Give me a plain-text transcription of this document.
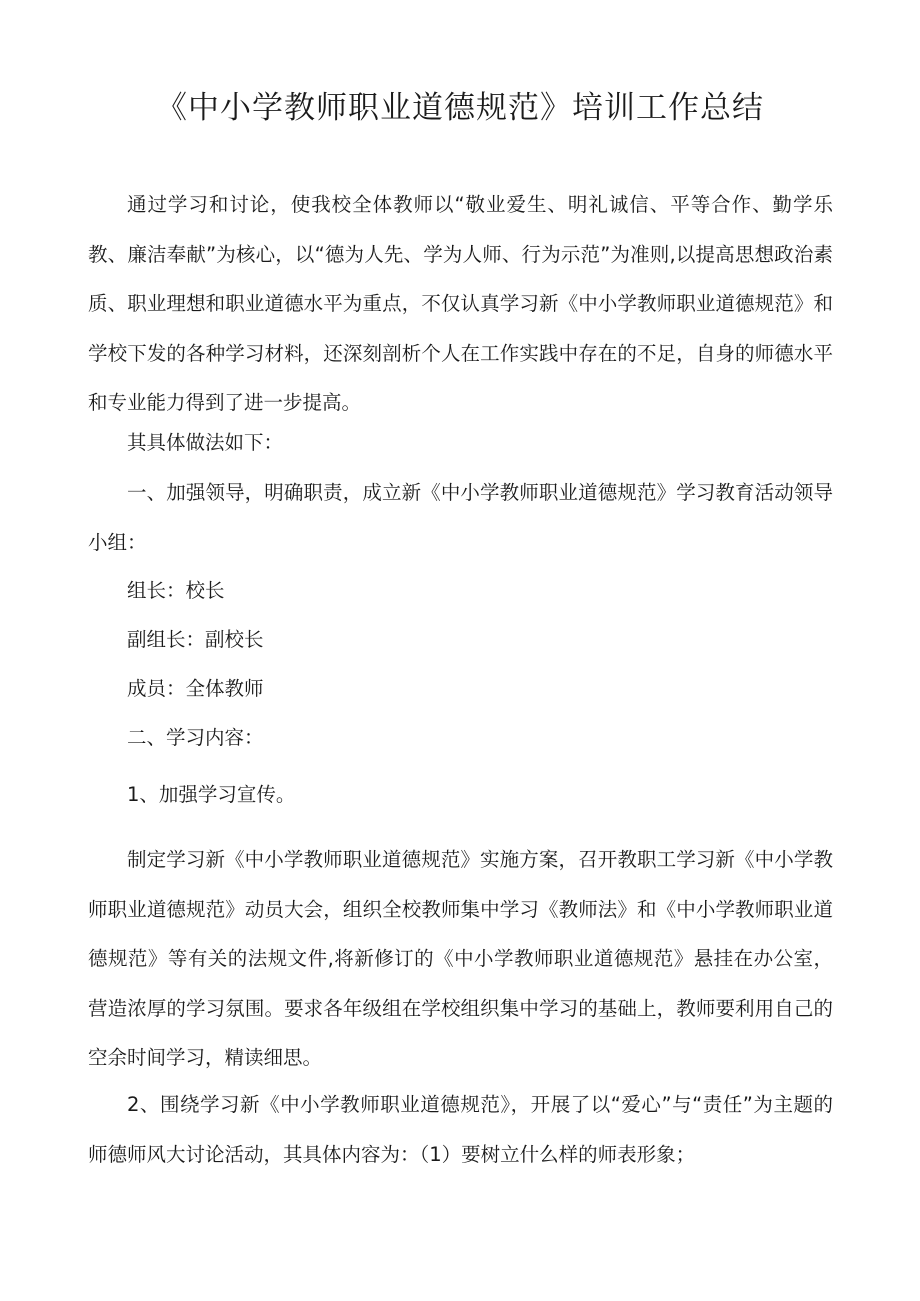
《中小学教师职业道德规范》培训工作总结

通过学习和讨论，使我校全体教师以“敬业爱生、明礼诚信、平等合作、勤学乐教、廉洁奉献”为核心，以“德为人先、学为人师、行为示范”为准则,以提高思想政治素质、职业理想和职业道德水平为重点，不仅认真学习新《中小学教师职业道德规范》和学校下发的各种学习材料，还深刻剖析个人在工作实践中存在的不足，自身的师德水平和专业能力得到了进一步提高。

其具体做法如下：

一、加强领导，明确职责，成立新《中小学教师职业道德规范》学习教育活动领导小组：

组长：校长

副组长：副校长

成员：全体教师

二、学习内容：

1、加强学习宣传。

制定学习新《中小学教师职业道德规范》实施方案，召开教职工学习新《中小学教师职业道德规范》动员大会，组织全校教师集中学习《教师法》和《中小学教师职业道德规范》等有关的法规文件,将新修订的《中小学教师职业道德规范》悬挂在办公室，营造浓厚的学习氛围。要求各年级组在学校组织集中学习的基础上，教师要利用自己的空余时间学习，精读细思。

2、围绕学习新《中小学教师职业道德规范》，开展了以“爱心”与“责任”为主题的师德师风大讨论活动，其具体内容为：（1）要树立什么样的师表形象；
